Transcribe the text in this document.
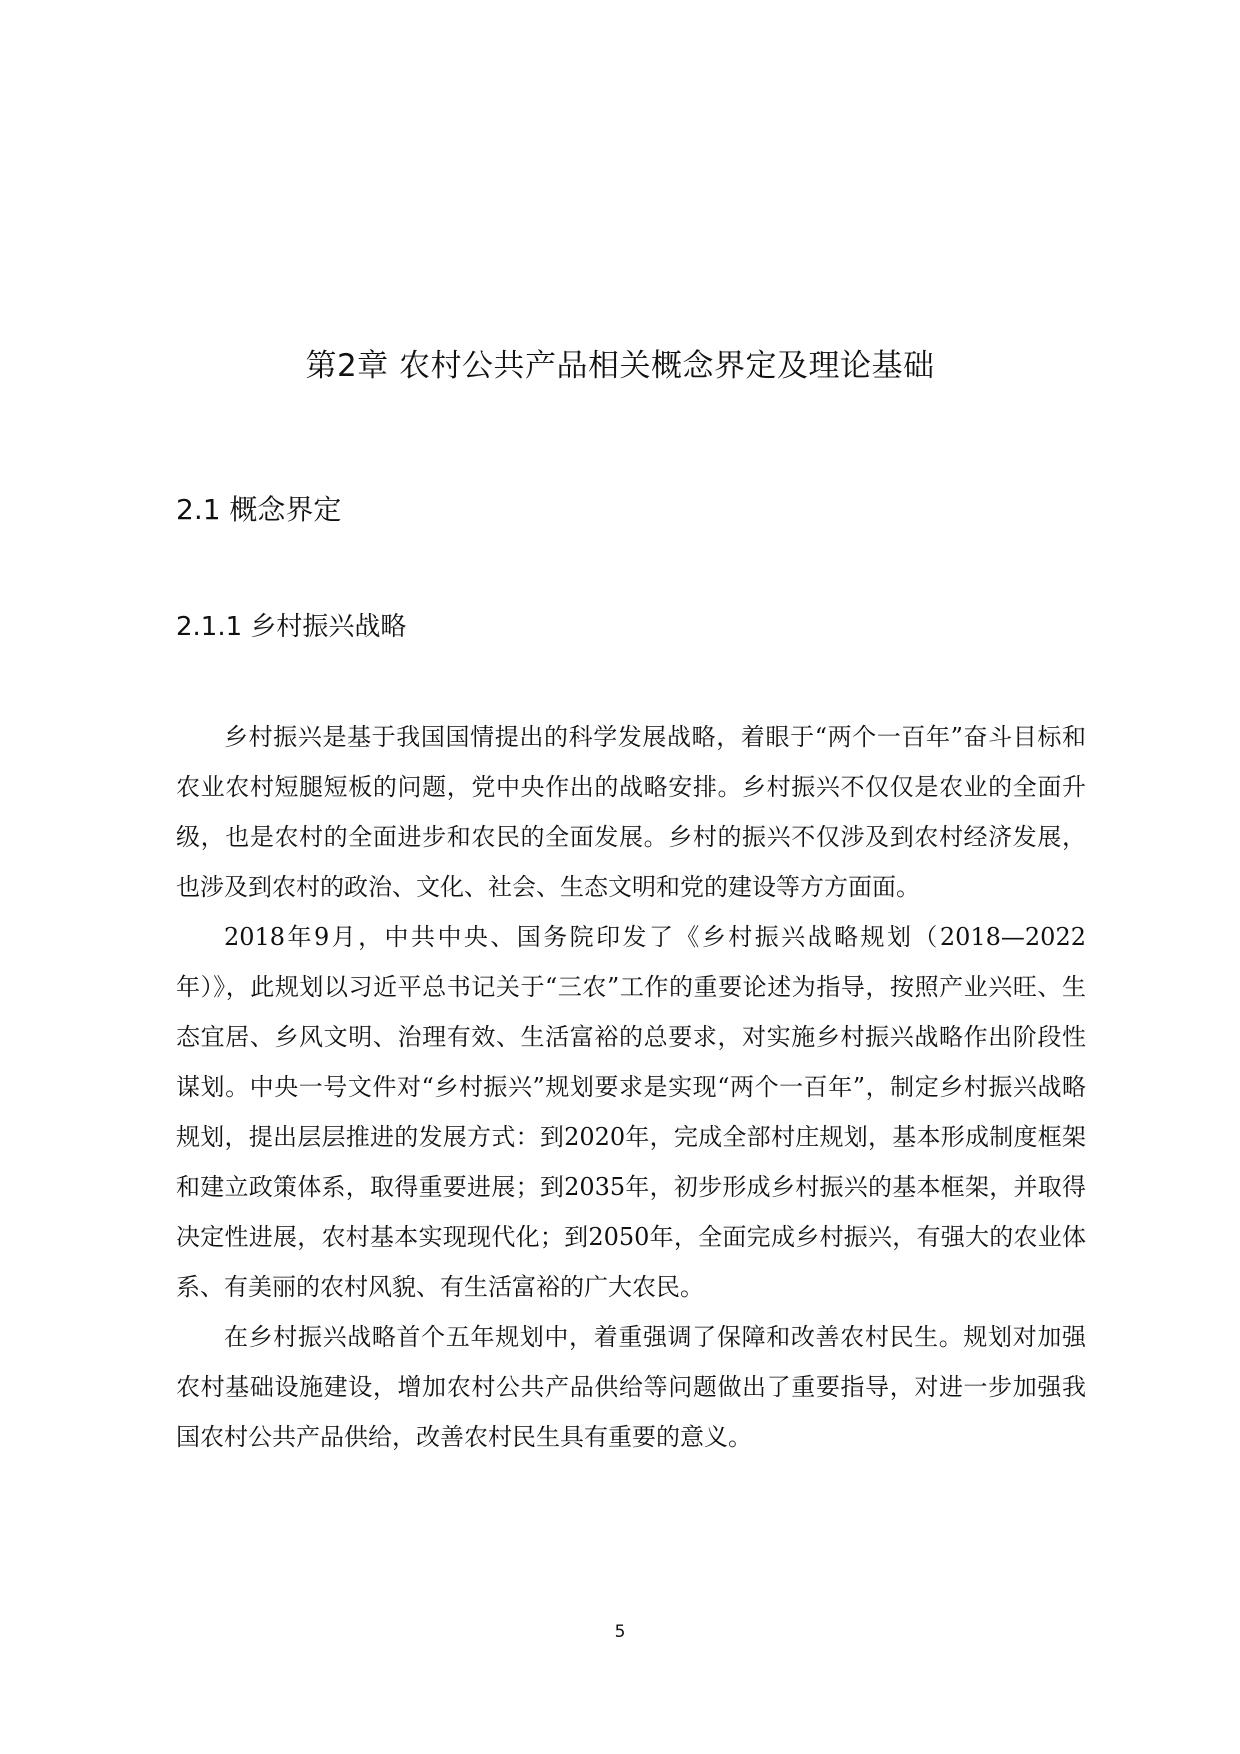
第2章 农村公共产品相关概念界定及理论基础
2.1 概念界定
2.1.1 乡村振兴战略

乡村振兴是基于我国国情提出的科学发展战略，着眼于“两个一百年”奋斗目标和农业农村短腿短板的问题，党中央作出的战略安排。乡村振兴不仅仅是农业的全面升级，也是农村的全面进步和农民的全面发展。乡村的振兴不仅涉及到农村经济发展，也涉及到农村的政治、文化、社会、生态文明和党的建设等方方面面。

2018年9月，中共中央、国务院印发了《乡村振兴战略规划（2018—2022年）》，此规划以习近平总书记关于“三农”工作的重要论述为指导，按照产业兴旺、生态宜居、乡风文明、治理有效、生活富裕的总要求，对实施乡村振兴战略作出阶段性谋划。中央一号文件对“乡村振兴”规划要求是实现“两个一百年”，制定乡村振兴战略规划，提出层层推进的发展方式：到2020年，完成全部村庄规划，基本形成制度框架和建立政策体系，取得重要进展；到2035年，初步形成乡村振兴的基本框架，并取得决定性进展，农村基本实现现代化；到2050年，全面完成乡村振兴，有强大的农业体系、有美丽的农村风貌、有生活富裕的广大农民。

在乡村振兴战略首个五年规划中，着重强调了保障和改善农村民生。规划对加强农村基础设施建设，增加农村公共产品供给等问题做出了重要指导，对进一步加强我国农村公共产品供给，改善农村民生具有重要的意义。

5
